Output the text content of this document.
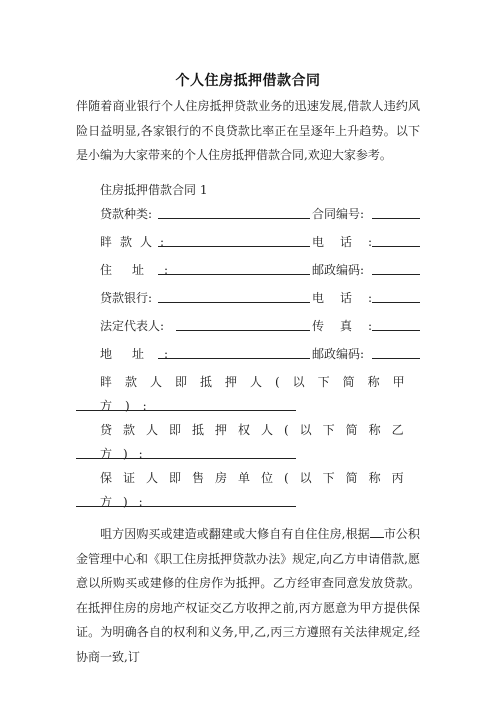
个人住房抵押借款合同

伴随着商业银行个人住房抵押贷款业务的迅速发展,借款人违约风险日益明显,各家银行的不良贷款比率正在呈逐年上升趋势。以下是小编为大家带来的个人住房抵押借款合同,欢迎大家参考。

住房抵押借款合同 1
贷款种类:	合同编号:
眫款人:	电话:
住址:	邮政编码:
贷款银行:	电话:
法定代表人:	传真:
地址:	邮政编码:
眫款人即抵押人(以下简称甲方):
贷款人即抵押权人(以下简称乙方):
保证人即售房单位(以下简称丙方):

咀方因购买或建造或翻建或大修自有自住住房,根据 市公积金管理中心和《职工住房抵押贷款办法》规定,向乙方申请借款,愿意以所购买或建修的住房作为抵押。乙方经审查同意发放贷款。在抵押住房的房地产权证交乙方收押之前,丙方愿意为甲方提供保证。为明确各自的权利和义务,甲,乙,丙三方遵照有关法律规定,经协商一致,订
